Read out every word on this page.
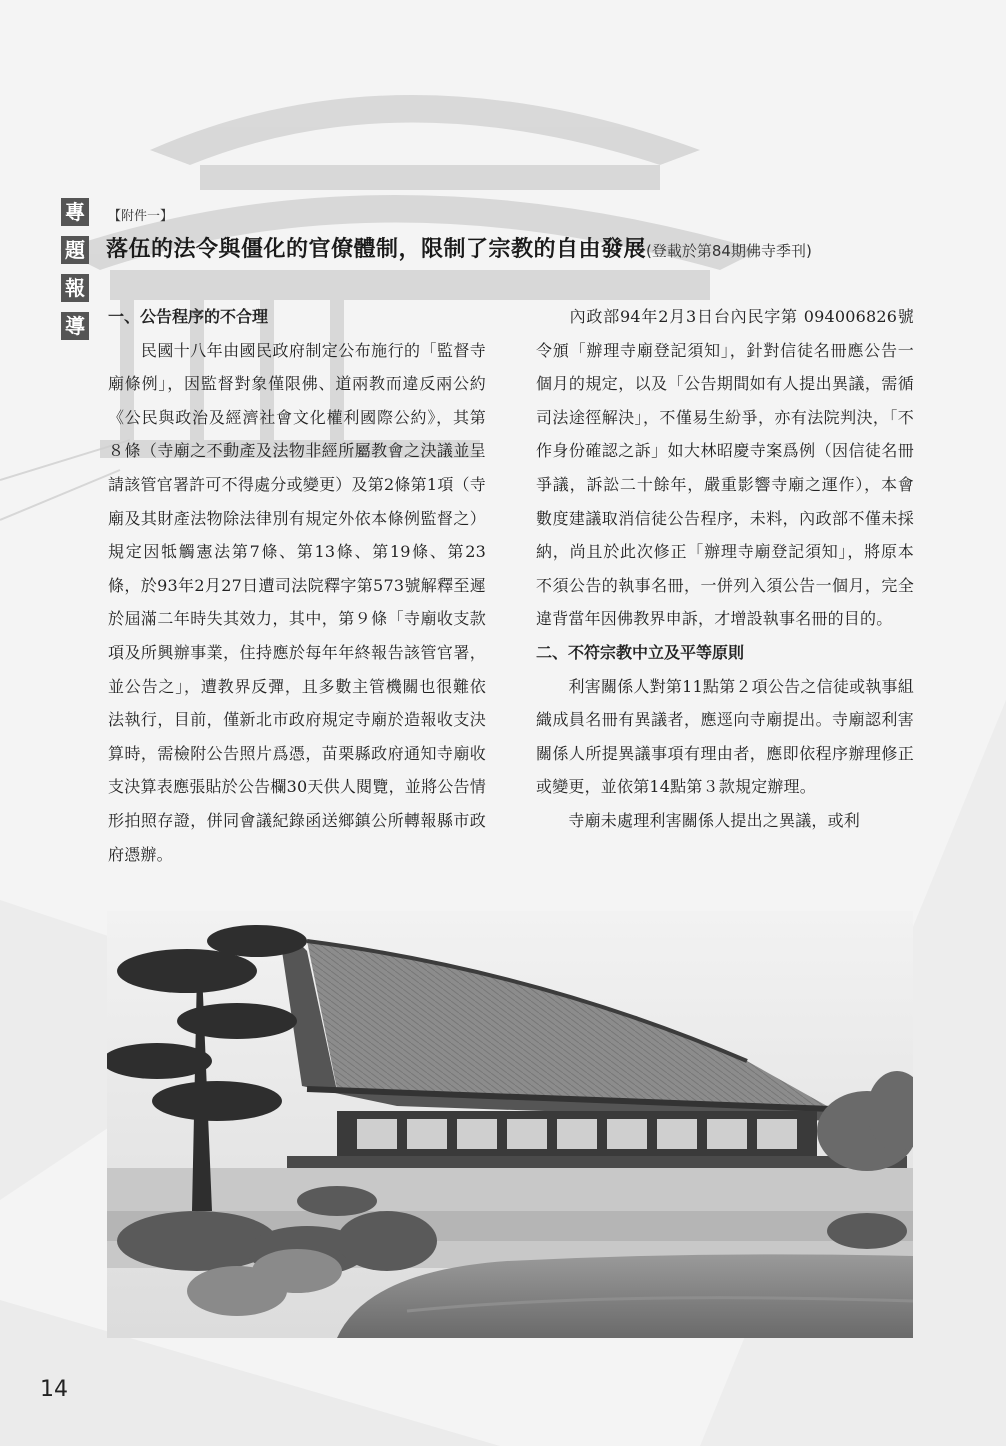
專
題
報
導
【附件一】
落伍的法令與僵化的官僚體制，限制了宗教的自由發展(登載於第84期佛寺季刊)
一、公告程序的不合理

　　民國十八年由國民政府制定公布施行的「監督寺廟條例」，因監督對象僅限佛、道兩教而違反兩公約《公民與政治及經濟社會文化權利國際公約》，其第８條（寺廟之不動產及法物非經所屬教會之決議並呈請該管官署許可不得處分或變更）及第2條第1項（寺廟及其財產法物除法律別有規定外依本條例監督之）規定因牴觸憲法第7條、第13條、第19條、第23條，於93年2月27日遭司法院釋字第573號解釋至遲於屆滿二年時失其效力，其中，第９條「寺廟收支款項及所興辦事業，住持應於每年年終報告該管官署，並公告之」，遭教界反彈，且多數主管機關也很難依法執行，目前，僅新北市政府規定寺廟於造報收支決算時，需檢附公告照片爲憑，苗栗縣政府通知寺廟收支決算表應張貼於公告欄30天供人閱覽，並將公告情形拍照存證，併同會議紀錄函送鄉鎮公所轉報縣市政府憑辦。

　　內政部94年2月3日台內民字第 094006826號令頒「辦理寺廟登記須知」，針對信徒名冊應公告一個月的規定，以及「公告期間如有人提出異議，需循司法途徑解決」，不僅易生紛爭，亦有法院判決，「不作身份確認之訴」如大林昭慶寺案爲例（因信徒名冊爭議，訴訟二十餘年，嚴重影響寺廟之運作），本會數度建議取消信徒公告程序，未料，內政部不僅未採納，尚且於此次修正「辦理寺廟登記須知」，將原本不須公告的執事名冊，一併列入須公告一個月，完全違背當年因佛教界申訴，才增設執事名冊的目的。

二、不符宗教中立及平等原則

　　利害關係人對第11點第２項公告之信徒或執事組織成員名冊有異議者，應逕向寺廟提出。寺廟認利害關係人所提異議事項有理由者，應即依程序辦理修正或變更，並依第14點第３款規定辦理。

　　寺廟未處理利害關係人提出之異議，或利

14
